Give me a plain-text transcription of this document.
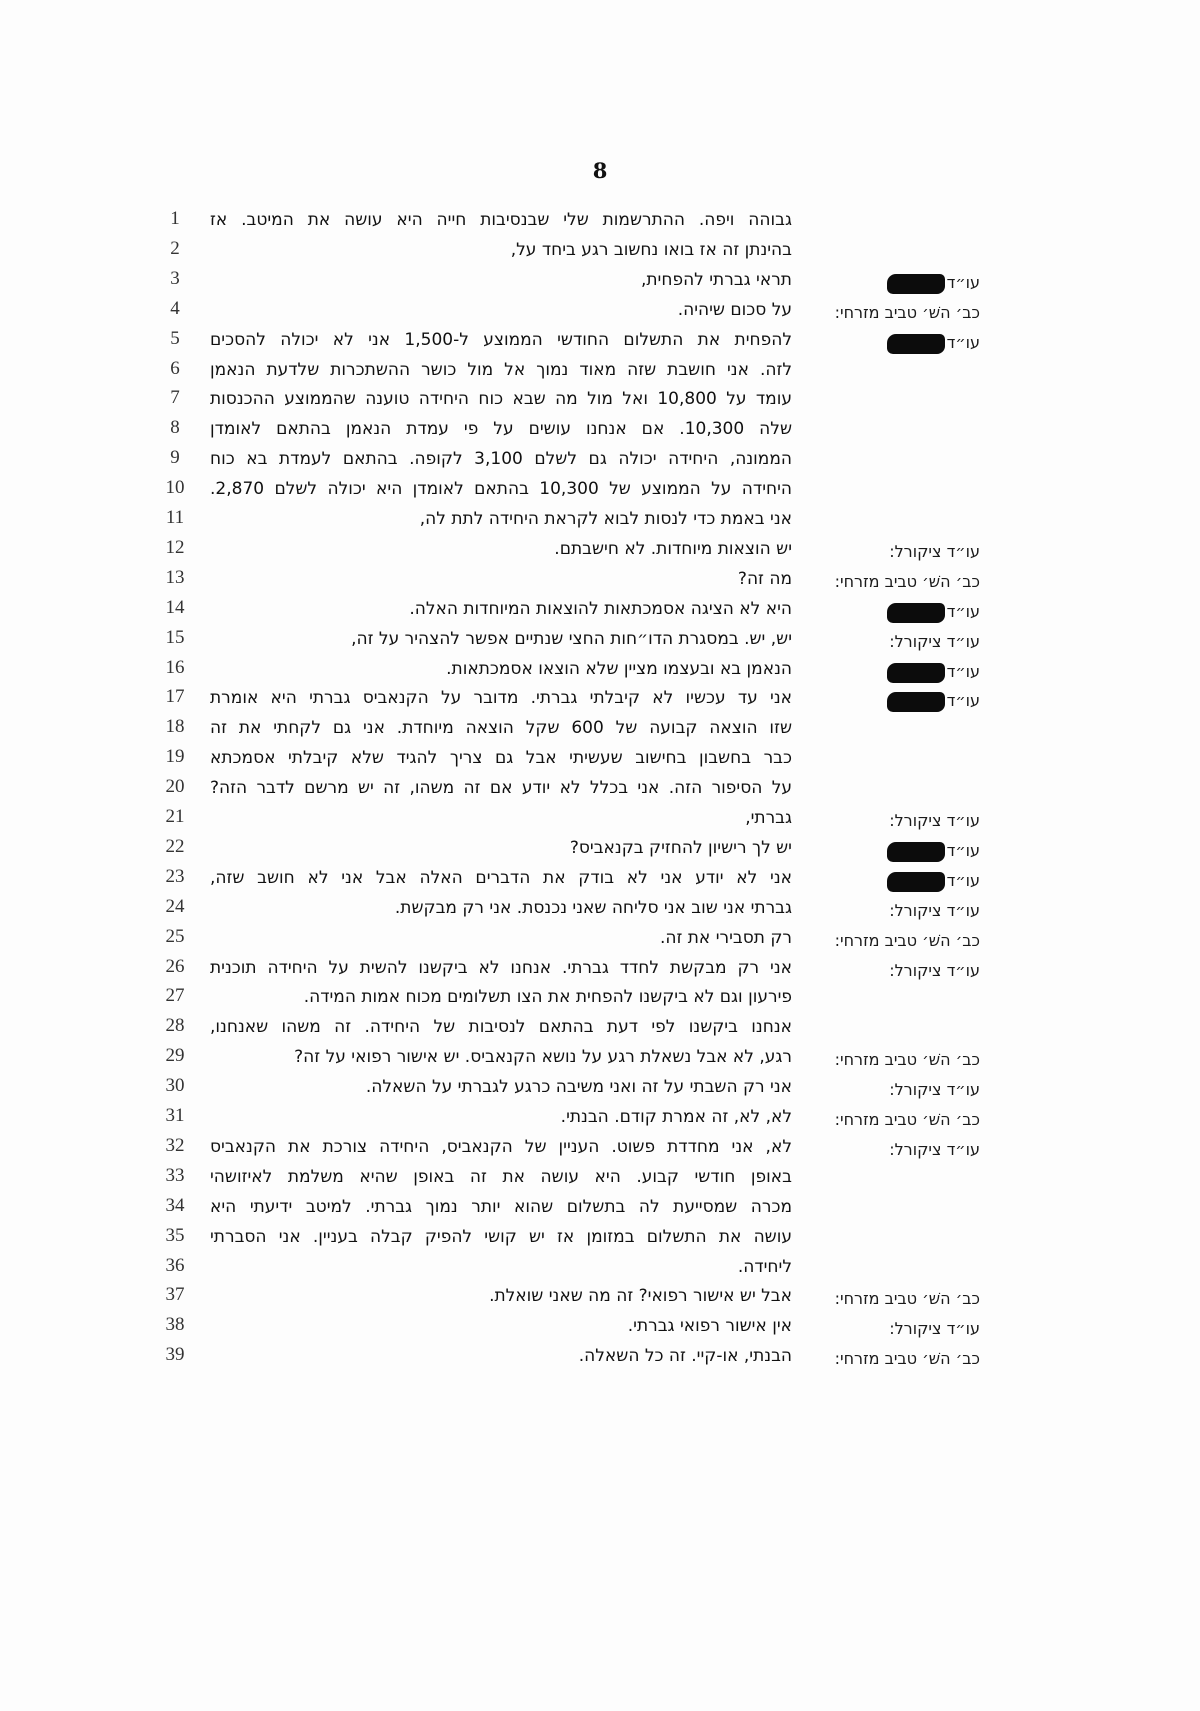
8
1
2
3
4
5
6
7
8
9
10
11
12
13
14
15
16
17
18
19
20
21
22
23
24
25
26
27
28
29
30
31
32
33
34
35
36
37
38
39
גבוהה ויפה. ההתרשמות שלי שבנסיבות חייה היא עושה את המיטב. אז
בהינתן זה אז בואו נחשוב רגע ביחד על,
עו״ד
תראי גברתי להפחית,
כב׳ השׁ׳ טביב מזרחי:
על סכום שיהיה.
עו״ד
להפחית את התשלום החודשי הממוצע ל-1,500 אני לא יכולה להסכים
לזה. אני חושבת שזה מאוד נמוך אל מול כושר ההשתכרות שלדעת הנאמן
עומד על 10,800 ואל מול מה שבא כוח היחידה טוענה שהממוצע ההכנסות
שלה 10,300. אם אנחנו עושים על פי עמדת הנאמן בהתאם לאומדן
הממונה, היחידה יכולה גם לשלם 3,100 לקופה. בהתאם לעמדת בא כוח
היחידה על הממוצע של 10,300 בהתאם לאומדן היא יכולה לשלם 2,870.
אני באמת כדי לנסות לבוא לקראת היחידה לתת לה,
עו״ד ציקורל:
יש הוצאות מיוחדות. לא חישבתם.
כב׳ השׁ׳ טביב מזרחי:
מה זה?
עו״ד
היא לא הציגה אסמכתאות להוצאות המיוחדות האלה.
עו״ד ציקורל:
יש, יש. במסגרת הדו״חות החצי שנתיים אפשר להצהיר על זה,
עו״ד
הנאמן בא ובעצמו מציין שלא הוצאו אסמכתאות.
עו״ד
אני עד עכשיו לא קיבלתי גברתי. מדובר על הקנאביס גברתי היא אומרת
שזו הוצאה קבועה של 600 שקל הוצאה מיוחדת. אני גם לקחתי את זה
כבר בחשבון בחישוב שעשיתי אבל גם צריך להגיד שלא קיבלתי אסמכתא
על הסיפור הזה. אני בכלל לא יודע אם זה משהו, זה יש מרשם לדבר הזה?
עו״ד ציקורל:
גברתי,
עו״ד
יש לך רישיון להחזיק בקנאביס?
עו״ד
אני לא יודע אני לא בודק את הדברים האלה אבל אני לא חושב שזה,
עו״ד ציקורל:
גברתי אני שוב אני סליחה שאני נכנסת. אני רק מבקשת.
כב׳ השׁ׳ טביב מזרחי:
רק תסבירי את זה.
עו״ד ציקורל:
אני רק מבקשת לחדד גברתי. אנחנו לא ביקשנו להשית על היחידה תוכנית
פירעון וגם לא ביקשנו להפחית את הצו תשלומים מכוח אמות המידה.
אנחנו ביקשנו לפי דעת בהתאם לנסיבות של היחידה. זה משהו שאנחנו,
כב׳ השׁ׳ טביב מזרחי:
רגע, לא אבל נשאלת רגע על נושא הקנאביס. יש אישור רפואי על זה?
עו״ד ציקורל:
אני רק השבתי על זה ואני משיבה כרגע לגברתי על השאלה.
כב׳ השׁ׳ טביב מזרחי:
לא, לא, זה אמרת קודם. הבנתי.
עו״ד ציקורל:
לא, אני מחדדת פשוט. העניין של הקנאביס, היחידה צורכת את הקנאביס
באופן חודשי קבוע. היא עושה את זה באופן שהיא משלמת לאיזושהי
מכרה שמסייעת לה בתשלום שהוא יותר נמוך גברתי. למיטב ידיעתי היא
עושה את התשלום במזומן אז יש קושי להפיק קבלה בעניין. אני הסברתי
ליחידה.
כב׳ השׁ׳ טביב מזרחי:
אבל יש אישור רפואי? זה מה שאני שואלת.
עו״ד ציקורל:
אין אישור רפואי גברתי.
כב׳ השׁ׳ טביב מזרחי:
הבנתי, או-קיי. זה כל השאלה.
